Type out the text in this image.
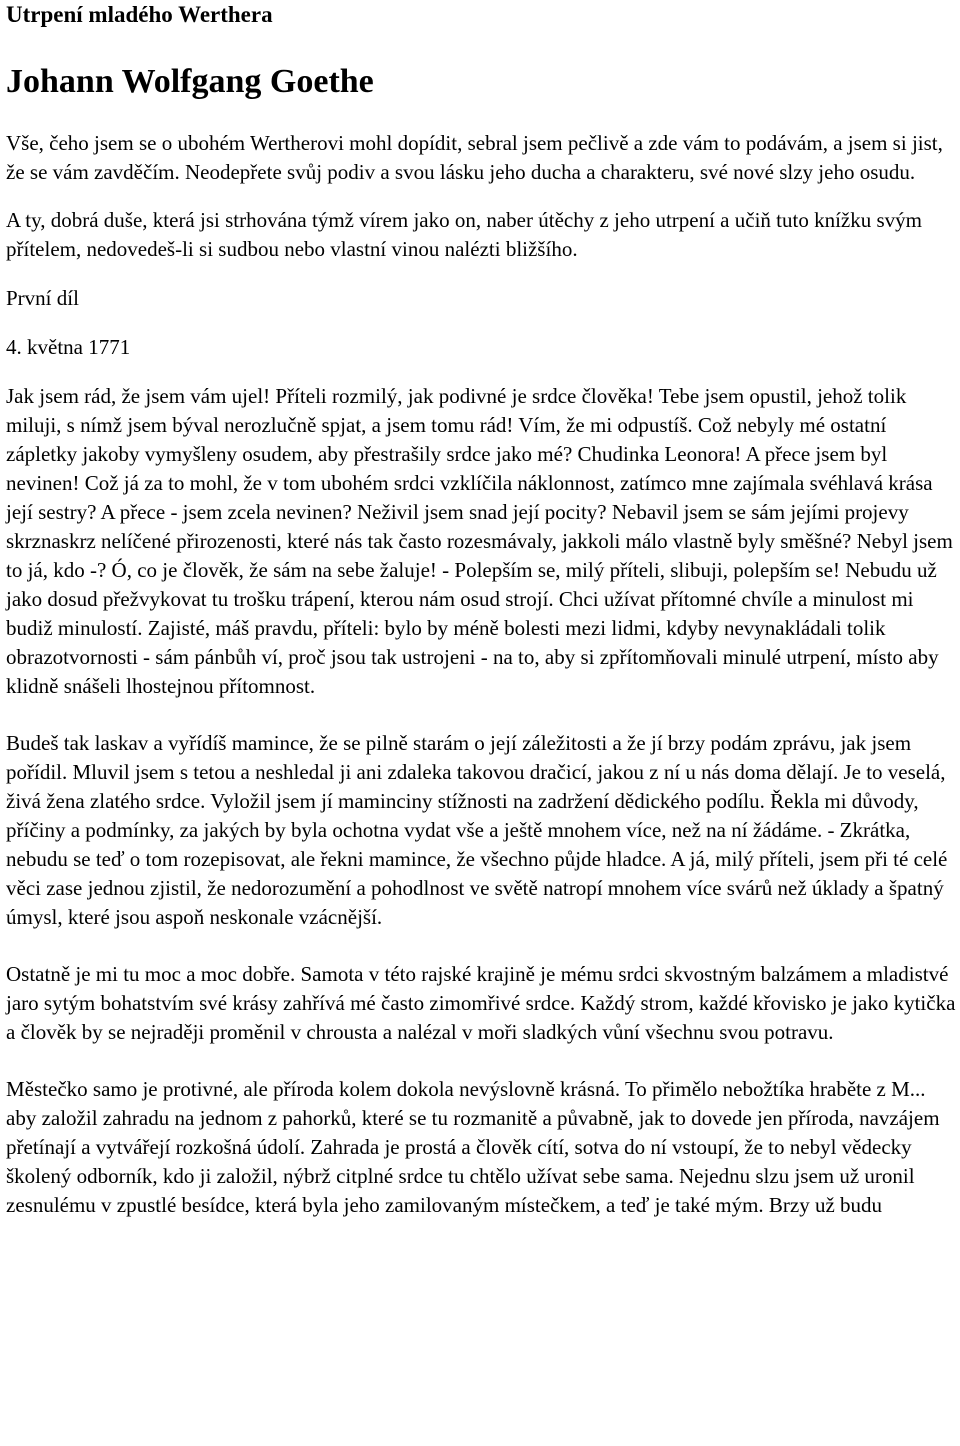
Utrpení mladého Werthera
Johann Wolfgang Goethe

Vše, čeho jsem se o ubohém Wertherovi mohl dopídit, sebral jsem pečlivě a zde vám to podávám, a jsem si jist, že se vám zavděčím. Neodepřete svůj podiv a svou lásku jeho ducha a charakteru, své nové slzy jeho osudu.

A ty, dobrá duše, která jsi strhována týmž vírem jako on, naber útěchy z jeho utrpení a učiň tuto knížku svým přítelem, nedovedeš-li si sudbou nebo vlastní vinou nalézti bližšího.

První díl

4. května 1771

Jak jsem rád, že jsem vám ujel! Příteli rozmilý, jak podivné je srdce člověka! Tebe jsem opustil, jehož tolik miluji, s nímž jsem býval nerozlučně spjat, a jsem tomu rád! Vím, že mi odpustíš. Což nebyly mé ostatní zápletky jakoby vymyšleny osudem, aby přestrašily srdce jako mé? Chudinka Leonora! A přece jsem byl nevinen! Což já za to mohl, že v tom ubohém srdci vzklíčila náklonnost, zatímco mne zajímala svéhlavá krása její sestry? A přece - jsem zcela nevinen? Neživil jsem snad její pocity? Nebavil jsem se sám jejími projevy skrznaskrz nelíčené přirozenosti, které nás tak často rozesmávaly, jakkoli málo vlastně byly směšné? Nebyl jsem to já, kdo -? Ó, co je člověk, že sám na sebe žaluje! - Polepším se, milý příteli, slibuji, polepším se! Nebudu už jako dosud přežvykovat tu trošku trápení, kterou nám osud strojí. Chci užívat přítomné chvíle a minulost mi budiž minulostí. Zajisté, máš pravdu, příteli: bylo by méně bolesti mezi lidmi, kdyby nevynakládali tolik obrazotvornosti - sám pánbůh ví, proč jsou tak ustrojeni - na to, aby si zpřítomňovali minulé utrpení, místo aby klidně snášeli lhostejnou přítomnost.

Budeš tak laskav a vyřídíš mamince, že se pilně starám o její záležitosti a že jí brzy podám zprávu, jak jsem pořídil. Mluvil jsem s tetou a neshledal ji ani zdaleka takovou dračicí, jakou z ní u nás doma dělají. Je to veselá, živá žena zlatého srdce. Vyložil jsem jí maminciny stížnosti na zadržení dědického podílu. Řekla mi důvody, příčiny a podmínky, za jakých by byla ochotna vydat vše a ještě mnohem více, než na ní žádáme. - Zkrátka, nebudu se teď o tom rozepisovat, ale řekni mamince, že všechno půjde hladce. A já, milý příteli, jsem při té celé věci zase jednou zjistil, že nedorozumění a pohodlnost ve světě natropí mnohem více svárů než úklady a špatný úmysl, které jsou aspoň neskonale vzácnější.

Ostatně je mi tu moc a moc dobře. Samota v této rajské krajině je mému srdci skvostným balzámem a mladistvé jaro sytým bohatstvím své krásy zahřívá mé často zimomřivé srdce. Každý strom, každé křovisko je jako kytička a člověk by se nejraději proměnil v chrousta a nalézal v moři sladkých vůní všechnu svou potravu.

Městečko samo je protivné, ale příroda kolem dokola nevýslovně krásná. To přimělo nebožtíka hraběte z M... aby založil zahradu na jednom z pahorků, které se tu rozmanitě a půvabně, jak to dovede jen příroda, navzájem přetínají a vytvářejí rozkošná údolí. Zahrada je prostá a člověk cítí, sotva do ní vstoupí, že to nebyl vědecky školený odborník, kdo ji založil, nýbrž citplné srdce tu chtělo užívat sebe sama. Nejednu slzu jsem už uronil zesnulému v zpustlé besídce, která byla jeho zamilovaným místečkem, a teď je také mým. Brzy už budu
